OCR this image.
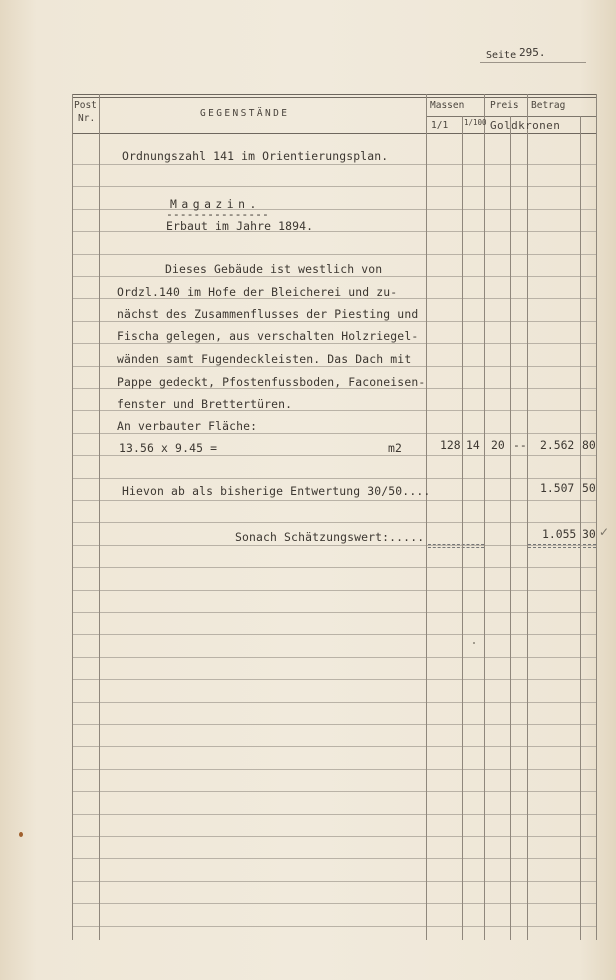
Seite 295.
Post
Nr.	GEGENSTÄNDE
Massen
1/1 1/100
Preis Betrag
Goldkronen
Ordnungszahl 141 im Orientierungsplan.
Magazin.
---------------
Erbaut im Jahre 1894.
Dieses Gebäude ist westlich von
Ordzl.140 im Hofe der Bleicherei und zu-
nächst des Zusammenflusses der Piesting und
Fischa gelegen, aus verschalten Holzriegel-
wänden samt Fugendeckleisten. Das Dach mit
Pappe gedeckt, Pfostenfussboden, Faconeisen-
fenster und Brettertüren.
An verbauter Fläche:
13.56 x 9.45 =	m2	128 14 20 -- 2.562 80
Hievon ab als bisherige Entwertung 30/50....	1.507 50
Sonach Schätzungswert:.....	1.055 30 ✓
